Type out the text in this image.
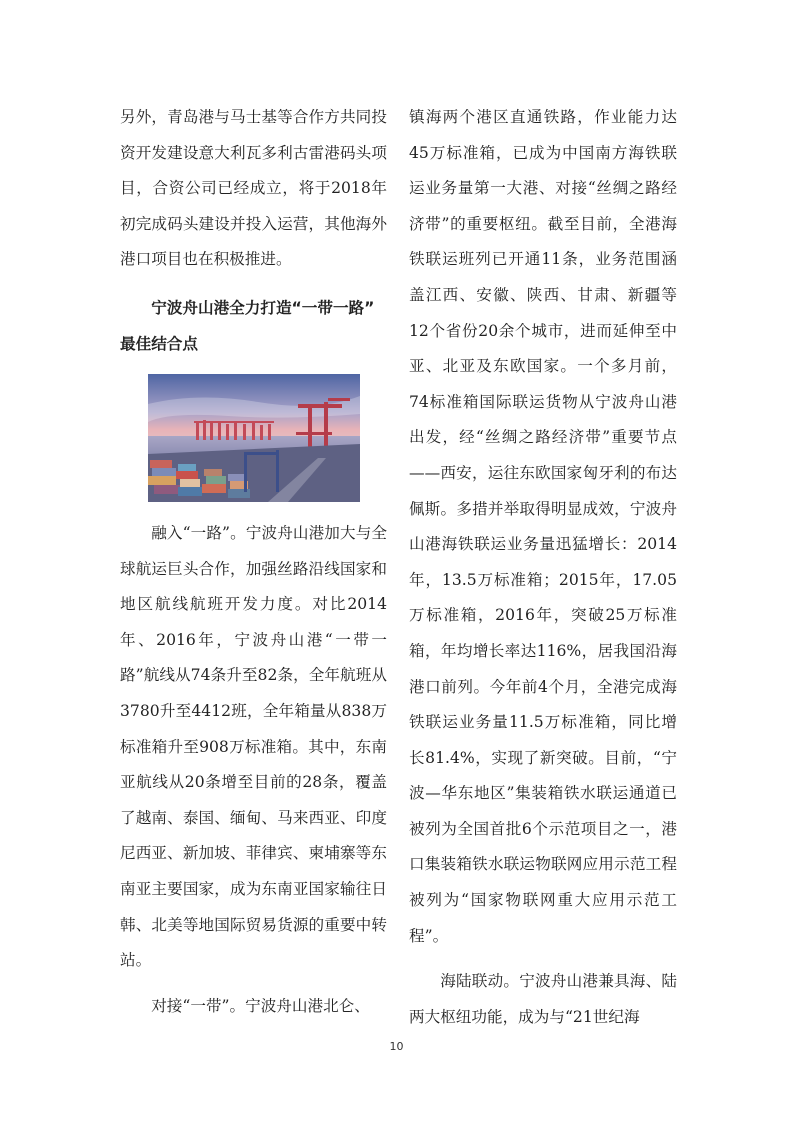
另外，青岛港与马士基等合作方共同投资开发建设意大利瓦多利古雷港码头项目，合资公司已经成立，将于2018年初完成码头建设并投入运营，其他海外港口项目也在积极推进。

宁波舟山港全力打造“一带一路”
最佳结合点

融入“一路”。宁波舟山港加大与全球航运巨头合作，加强丝路沿线国家和地区航线航班开发力度。对比2014年、2016年，宁波舟山港“一带一路”航线从74条升至82条，全年航班从3780升至4412班，全年箱量从838万标准箱升至908万标准箱。其中，东南亚航线从20条增至目前的28条，覆盖了越南、泰国、缅甸、马来西亚、印度尼西亚、新加坡、菲律宾、柬埔寨等东南亚主要国家，成为东南亚国家输往日韩、北美等地国际贸易货源的重要中转站。

对接“一带”。宁波舟山港北仑、

镇海两个港区直通铁路，作业能力达45万标准箱，已成为中国南方海铁联运业务量第一大港、对接“丝绸之路经济带”的重要枢纽。截至目前，全港海铁联运班列已开通11条，业务范围涵盖江西、安徽、陕西、甘肃、新疆等12个省份20余个城市，进而延伸至中亚、北亚及东欧国家。一个多月前，74标准箱国际联运货物从宁波舟山港出发，经“丝绸之路经济带”重要节点——西安，运往东欧国家匈牙利的布达佩斯。多措并举取得明显成效，宁波舟山港海铁联运业务量迅猛增长：2014年，13.5万标准箱；2015年，17.05万标准箱，2016年，突破25万标准箱，年均增长率达116%，居我国沿海港口前列。今年前4个月，全港完成海铁联运业务量11.5万标准箱，同比增长81.4%，实现了新突破。目前，“宁波—华东地区”集装箱铁水联运通道已被列为全国首批6个示范项目之一，港口集装箱铁水联运物联网应用示范工程被列为“国家物联网重大应用示范工程”。

海陆联动。宁波舟山港兼具海、陆两大枢纽功能，成为与“21世纪海

10
